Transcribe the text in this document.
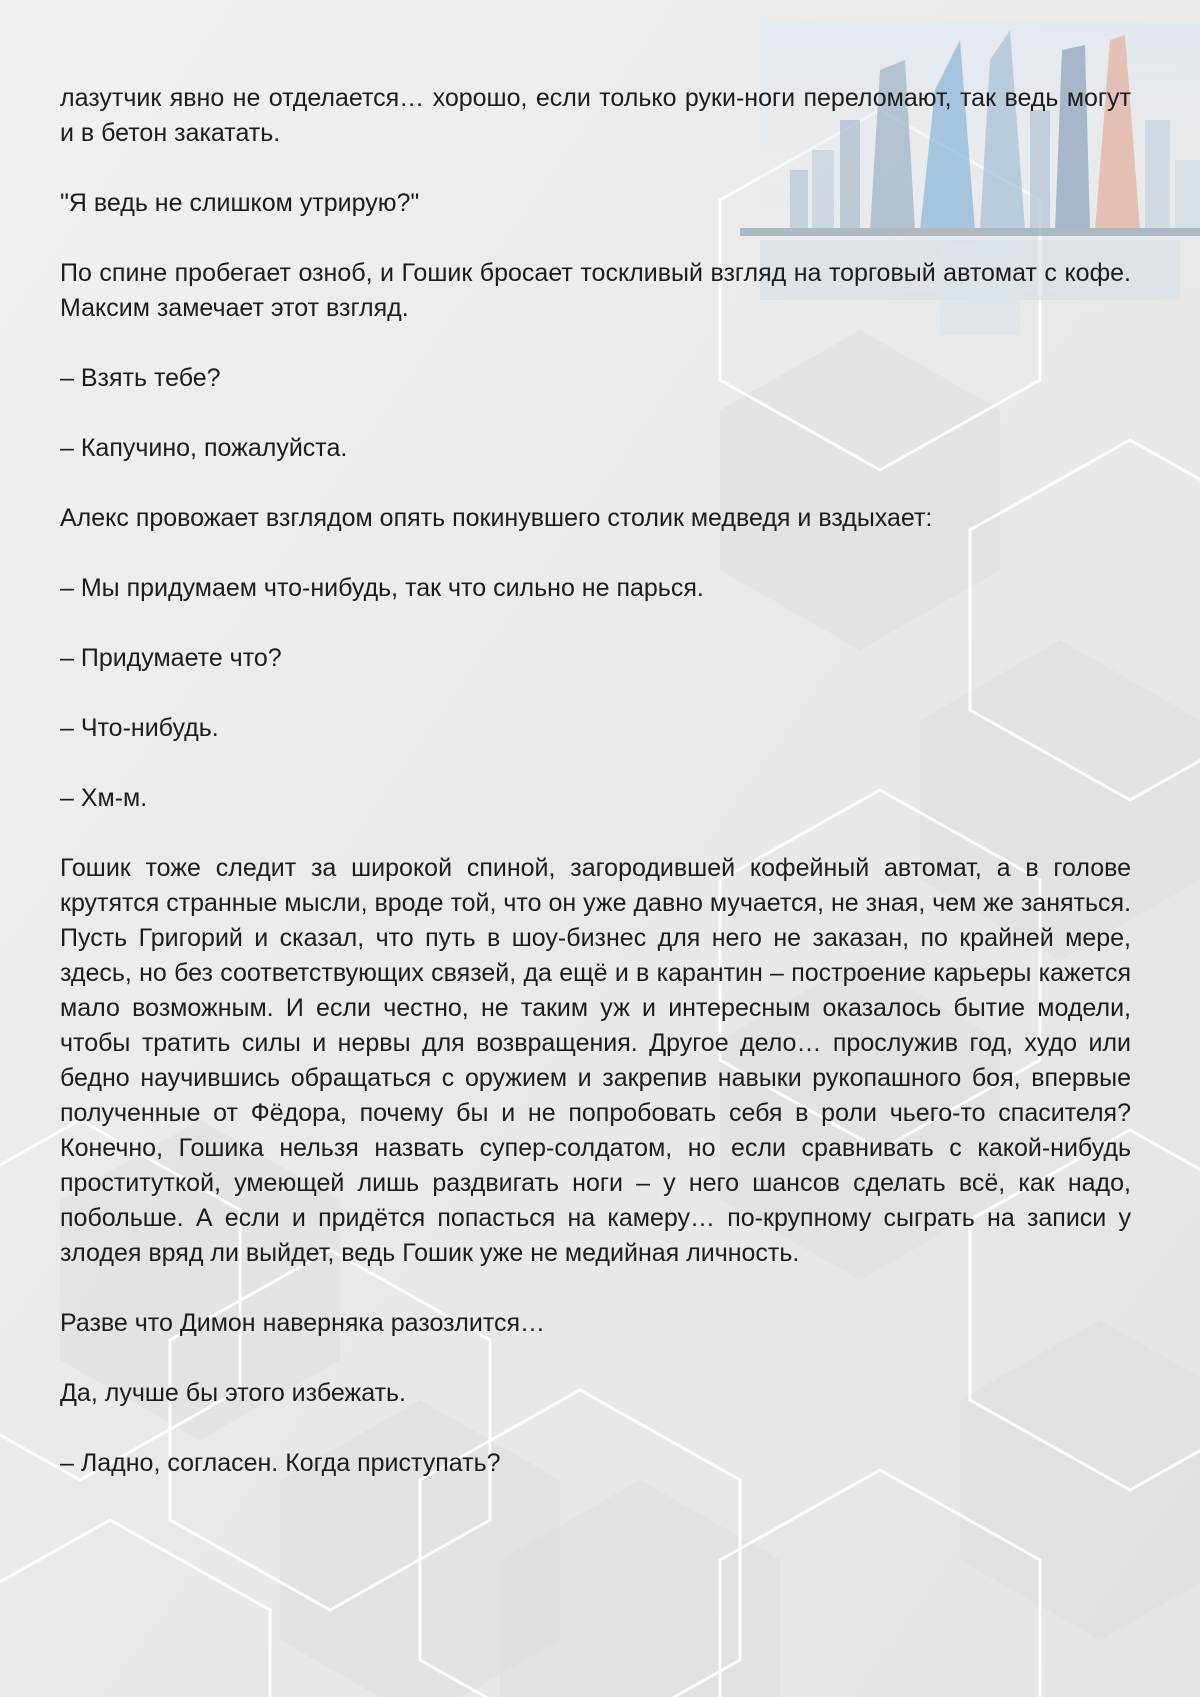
лазутчик явно не отделается… хорошо, если только руки-ноги переломают, так ведь могут и в бетон закатать.

"Я ведь не слишком утрирую?"

По спине пробегает озноб, и Гошик бросает тоскливый взгляд на торговый автомат с кофе. Максим замечает этот взгляд.

– Взять тебе?

– Капучино, пожалуйста.

Алекс провожает взглядом опять покинувшего столик медведя и вздыхает:

– Мы придумаем что-нибудь, так что сильно не парься.

– Придумаете что?

– Что-нибудь.

– Хм-м.

Гошик тоже следит за широкой спиной, загородившей кофейный автомат, а в голове крутятся странные мысли, вроде той, что он уже давно мучается, не зная, чем же заняться. Пусть Григорий и сказал, что путь в шоу-бизнес для него не заказан, по крайней мере, здесь, но без соответствующих связей, да ещё и в карантин – построение карьеры кажется мало возможным. И если честно, не таким уж и интересным оказалось бытие модели, чтобы тратить силы и нервы для возвращения. Другое дело… прослужив год, худо или бедно научившись обращаться с оружием и закрепив навыки рукопашного боя, впервые полученные от Фёдора, почему бы и не попробовать себя в роли чьего-то спасителя? Конечно, Гошика нельзя назвать супер-солдатом, но если сравнивать с какой-нибудь проституткой, умеющей лишь раздвигать ноги – у него шансов сделать всё, как надо, побольше. А если и придётся попасться на камеру… по-крупному сыграть на записи у злодея вряд ли выйдет, ведь Гошик уже не медийная личность.

Разве что Димон наверняка разозлится…

Да, лучше бы этого избежать.

– Ладно, согласен. Когда приступать?
